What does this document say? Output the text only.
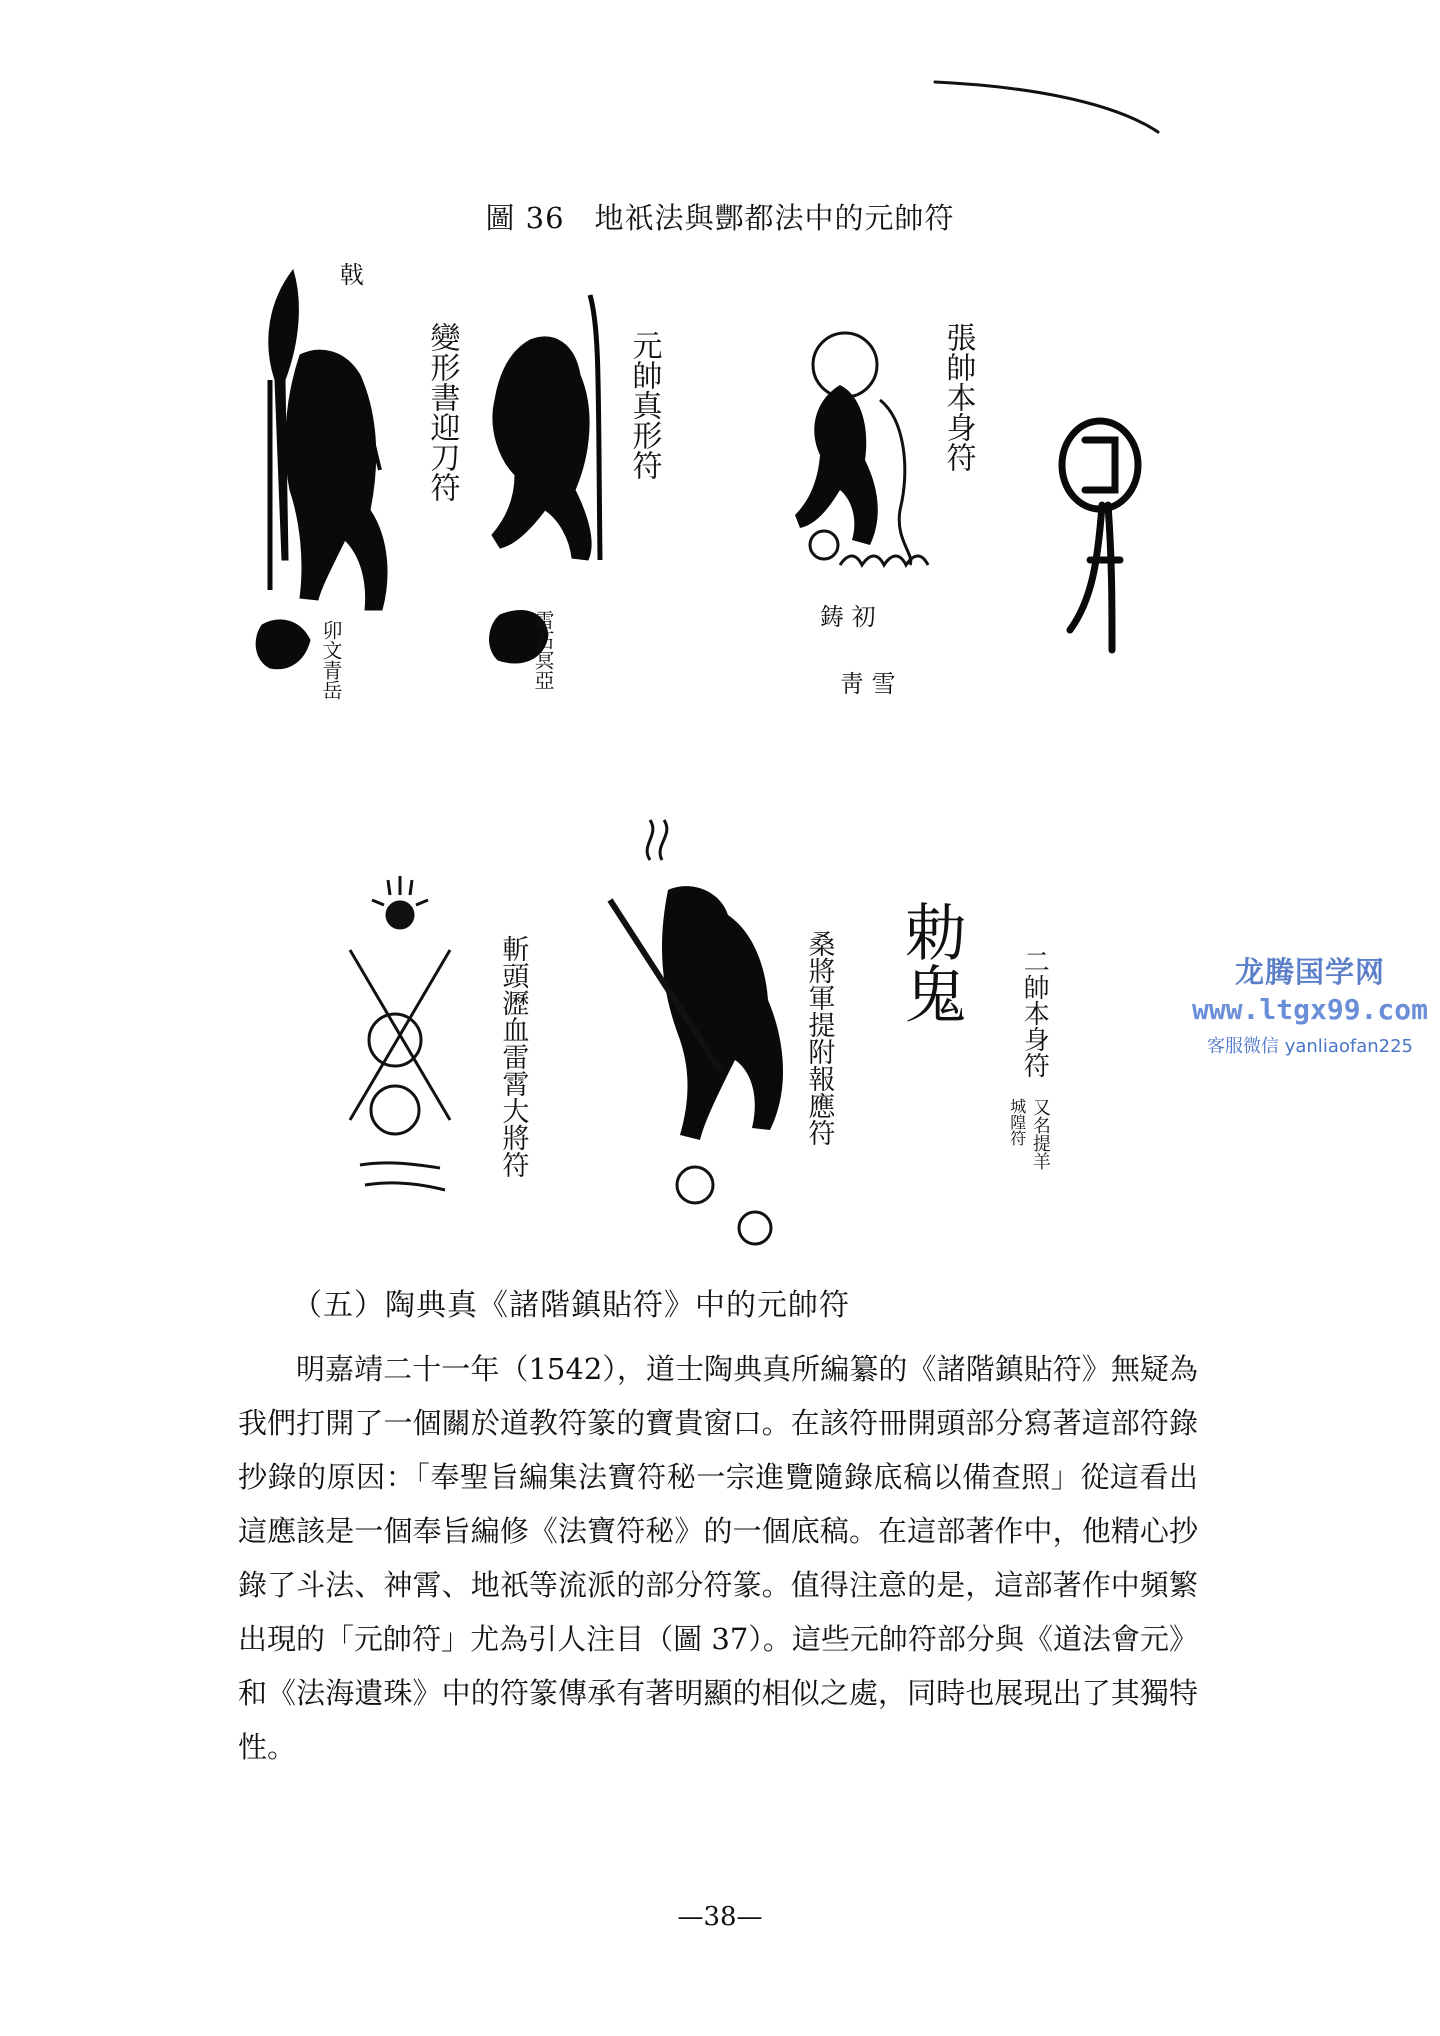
圖 36　地祇法與酆都法中的元帥符
戟
變形書迎刀符
卯文青岳
元帥真形符
雷石冥亞
張帥本身符
鋳 初
靑 雪
斬頭瀝血雷霄大將符	桑將軍提附報應符 勅鬼 二帥本身符
又名提羊
城隍符
龙腾国学网
www.ltgx99.com
客服微信 yanliaofan225
（五）陶典真《諸階鎮貼符》中的元帥符

明嘉靖二十一年（1542），道士陶典真所編纂的《諸階鎮貼符》無疑為我們打開了一個關於道教符篆的寶貴窗口。在該符冊開頭部分寫著這部符錄抄錄的原因：「奉聖旨編集法寶符秘一宗進覽隨錄底稿以備查照」從這看出這應該是一個奉旨編修《法寶符秘》的一個底稿。在這部著作中，他精心抄錄了斗法、神霄、地祇等流派的部分符篆。值得注意的是，這部著作中頻繁出現的「元帥符」尤為引人注目（圖 37）。這些元帥符部分與《道法會元》和《法海遺珠》中的符篆傳承有著明顯的相似之處，同時也展現出了其獨特性。

—38—
